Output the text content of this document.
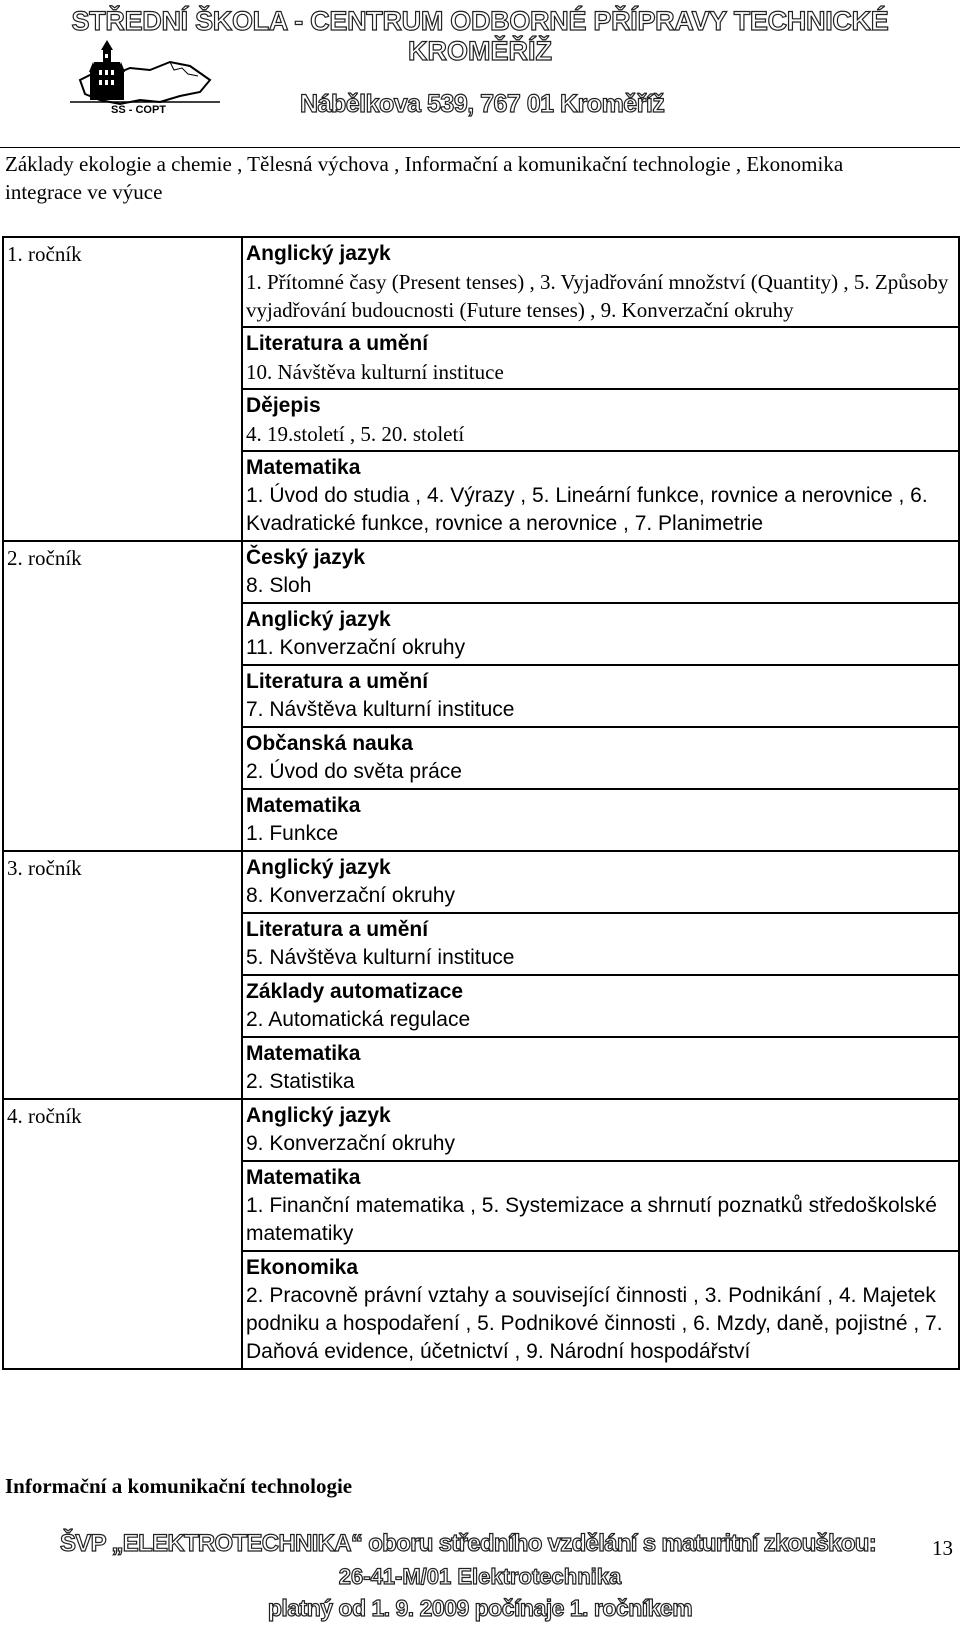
STŘEDNÍ ŠKOLA - CENTRUM ODBORNÉ PŘÍPRAVY TECHNICKÉ
KROMĚŘÍŽ
SŠ - COPT	Nábělkova 539, 767 01 Kroměříž
Základy ekologie a chemie , Tělesná výchova , Informační a komunikační technologie , Ekonomika
integrace ve výuce
1. ročník	Anglický jazyk
1. Přítomné časy (Present tenses) , 3. Vyjadřování množství (Quantity) , 5. Způsoby vyjadřování budoucnosti (Future tenses) , 9. Konverzační okruhy

	Literatura a umění
10. Návštěva kulturní instituce

	Dějepis
4. 19.století , 5. 20. století

	Matematika
1. Úvod do studia , 4. Výrazy , 5. Lineární funkce, rovnice a nerovnice , 6. Kvadratické funkce, rovnice a nerovnice , 7. Planimetrie

2. ročník	Český jazyk
8. Sloh

	Anglický jazyk
11. Konverzační okruhy

	Literatura a umění
7. Návštěva kulturní instituce

	Občanská nauka
2. Úvod do světa práce

	Matematika
1. Funkce

3. ročník	Anglický jazyk
8. Konverzační okruhy

	Literatura a umění
5. Návštěva kulturní instituce

	Základy automatizace
2. Automatická regulace

	Matematika
2. Statistika

4. ročník	Anglický jazyk
9. Konverzační okruhy

	Matematika
1. Finanční matematika , 5. Systemizace a shrnutí poznatků středoškolské matematiky

	Ekonomika
2. Pracovně právní vztahy a související činnosti , 3. Podnikání , 4. Majetek podniku a hospodaření , 5. Podnikové činnosti , 6. Mzdy, daně, pojistné , 7. Daňová evidence, účetnictví , 9. Národní hospodářství
Informační a komunikační technologie
ŠVP „ELEKTROTECHNIKA“ oboru středního vzdělání s maturitní zkouškou:
26-41-M/01 Elektrotechnika
platný od 1. 9. 2009 počínaje 1. ročníkem
13
